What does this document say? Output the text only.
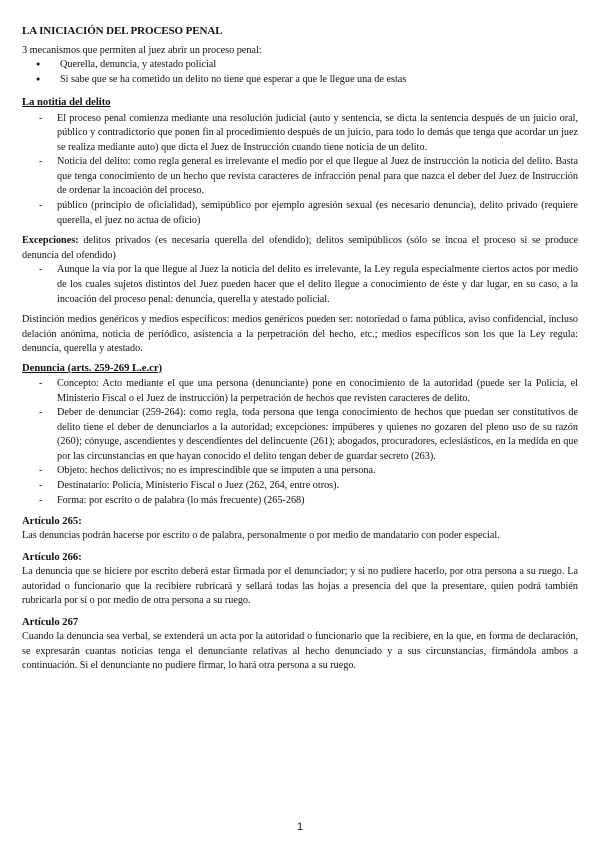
LA INICIACIÓN DEL PROCESO PENAL

3 mecanismos que permiten al juez abrir un proceso penal:

● Querella, denuncia, y atestado policial
● Si sabe que se ha cometido un delito no tiene que esperar a que le llegue una de estas
La notitia del delito
- El proceso penal comienza mediante una resolución judicial (auto y sentencia, se dicta la sentencia después de un juicio oral, público y contradictorio que ponen fin al procedimiento después de un juicio, para todo lo demás que tenga que acordar un juez se realiza mediante auto) que dicta el Juez de Instrucción cuando tiene noticia de un delito.
- Noticia del delito: como regla general es irrelevante el medio por el que llegue al Juez de instrucción la noticia del delito. Basta que tenga conocimiento de un hecho que revista caracteres de infracción penal para que nazca el deber del Juez de Instrucción de ordenar la incoación del proceso.
- público (principio de oficialidad), semipúblico por ejemplo agresión sexual (es necesario denuncia), delito privado (requiere querella, el juez no actua de oficio)

Excepciones: delitos privados (es necesaria querella del ofendido); delitos semipúblicos (sólo se incoa el proceso si se produce denuncia del ofendido)

- Aunque la vía por la que llegue al Juez la noticia del delito es irrelevante, la Ley regula especialmente ciertos actos por medio de los cuales sujetos distintos del Juez pueden hacer que el delito llegue a conocimiento de éste y dar lugar, en su caso, a la incoación del proceso penal: denuncia, querella y atestado policial.

Distinción medios genéricos y medios específicos: medios genéricos pueden ser: notoriedad o fama pública, aviso confidencial, incluso delación anónima, noticia de periódico, asistencia a la perpetración del hecho, etc.; medios específicos son los que la Ley regula: denuncia, querella y atestado.

Denuncia (arts. 259-269 L.e.cr)
- Concepto: Acto mediante el que una persona (denunciante) pone en conocimiento de la autoridad (puede ser la Policía, el Ministerio Fiscal o el Juez de instrucción) la perpetración de hechos que revisten caracteres de delito.
- Deber de denunciar (259-264): como regla, toda persona que tenga conocimiento de hechos que puedan ser constitutivos de delito tiene el deber de denunciarlos a la autoridad; excepciones: impúberes y quienes no gozaren del pleno uso de su razón (260); cónyuge, ascendientes y descendientes del delincuente (261); abogados, procuradores, eclesiásticos, en la medida en que por las circunstancias en que hayan conocido el delito tengan deber de guardar secreto (263).
- Objeto: hechos delictivos; no es imprescindible que se imputen a una persona.
- Destinatario: Policía, Ministerio Fiscal o Juez (262, 264, entre otros).
- Forma: por escrito o de palabra (lo más frecuente) (265-268)
Artículo 265:

Las denuncias podrán hacerse por escrito o de palabra, personalmente o por medio de mandatario con poder especial.

Artículo 266:

La denuncia que se hiciere por escrito deberá estar firmada por el denunciador; y si no pudiere hacerlo, por otra persona a su ruego. La autoridad o funcionario que la recibiere rubricará y sellará todas las hojas a presencia del que la presentare, quien podrá también rubricarla por sí o por medio de otra persona a su ruego.

Artículo 267

Cuando la denuncia sea verbal, se extenderá un acta por la autoridad o funcionario que la recibiere, en la que, en forma de declaración, se expresarán cuantas noticias tenga el denunciante relativas al hecho denunciado y a sus circunstancias, firmándola ambos a continuación. Si el denunciante no pudiere firmar, lo hará otra persona a su ruego.

1
